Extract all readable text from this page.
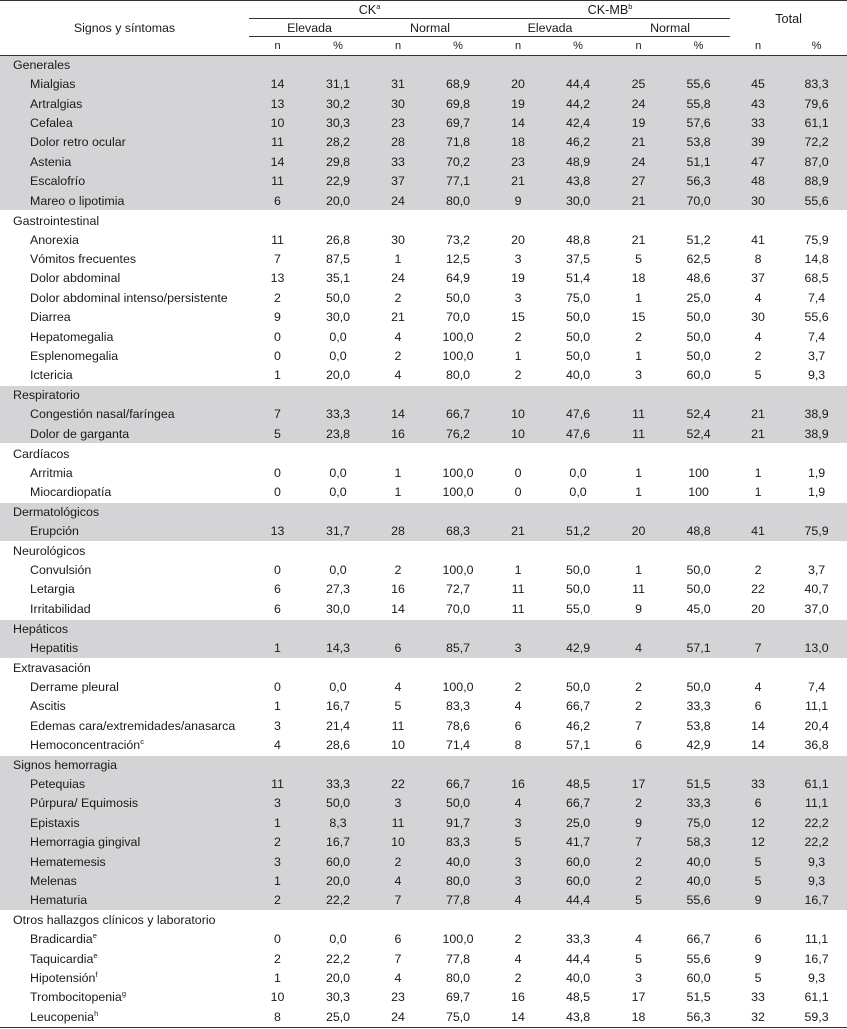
Signos y síntomas	$CK^a$				$CK-MB^b$				Total	
	Elevada		Normal		Elevada		Normal			
	n	%	n	%	n	%	n	%	n	%
Generales										
Mialgias	14	31,1	31	68,9	20	44,4	25	55,6	45	83,3
Artralgias	13	30,2	30	69,8	19	44,2	24	55,8	43	79,6
Cefalea	10	30,3	23	69,7	14	42,4	19	57,6	33	61,1
Dolor retro ocular	11	28,2	28	71,8	18	46,2	21	53,8	39	72,2
Astenia	14	29,8	33	70,2	23	48,9	24	51,1	47	87,0
Escalofrío	11	22,9	37	77,1	21	43,8	27	56,3	48	88,9
Mareo o lipotimia	6	20,0	24	80,0	9	30,0	21	70,0	30	55,6
Gastrointestinal										
Anorexia	11	26,8	30	73,2	20	48,8	21	51,2	41	75,9
Vómitos frecuentes	7	87,5	1	12,5	3	37,5	5	62,5	8	14,8
Dolor abdominal	13	35,1	24	64,9	19	51,4	18	48,6	37	68,5
Dolor abdominal intenso/persistente	2	50,0	2	50,0	3	75,0	1	25,0	4	7,4
Diarrea	9	30,0	21	70,0	15	50,0	15	50,0	30	55,6
Hepatomegalia	0	0,0	4	100,0	2	50,0	2	50,0	4	7,4
Esplenomegalia	0	0,0	2	100,0	1	50,0	1	50,0	2	3,7
Ictericia	1	20,0	4	80,0	2	40,0	3	60,0	5	9,3
Respiratorio										
Congestión nasal/faríngea	7	33,3	14	66,7	10	47,6	11	52,4	21	38,9
Dolor de garganta	5	23,8	16	76,2	10	47,6	11	52,4	21	38,9
Cardíacos										
Arritmia	0	0,0	1	100,0	0	0,0	1	100	1	1,9
Miocardiopatía	0	0,0	1	100,0	0	0,0	1	100	1	1,9
Dermatológicos										
Erupción	13	31,7	28	68,3	21	51,2	20	48,8	41	75,9
Neurológicos										
Convulsión	0	0,0	2	100,0	1	50,0	1	50,0	2	3,7
Letargia	6	27,3	16	72,7	11	50,0	11	50,0	22	40,7
Irritabilidad	6	30,0	14	70,0	11	55,0	9	45,0	20	37,0
Hepáticos										
Hepatitis	1	14,3	6	85,7	3	42,9	4	57,1	7	13,0
Extravasación										
Derrame pleural	0	0,0	4	100,0	2	50,0	2	50,0	4	7,4
Ascitis	1	16,7	5	83,3	4	66,7	2	33,3	6	11,1
Edemas cara/extremidades/anasarca	3	21,4	11	78,6	6	46,2	7	53,8	14	20,4
Hemoconcentración$^c$	4	28,6	10	71,4	8	57,1	6	42,9	14	36,8
Signos hemorragia										
Petequias	11	33,3	22	66,7	16	48,5	17	51,5	33	61,1
Púrpura/ Equimosis	3	50,0	3	50,0	4	66,7	2	33,3	6	11,1
Epistaxis	1	8,3	11	91,7	3	25,0	9	75,0	12	22,2
Hemorragia gingival	2	16,7	10	83,3	5	41,7	7	58,3	12	22,2
Hematemesis	3	60,0	2	40,0	3	60,0	2	40,0	5	9,3
Melenas	1	20,0	4	80,0	3	60,0	2	40,0	5	9,3
Hematuria	2	22,2	7	77,8	4	44,4	5	55,6	9	16,7
Otros hallazgos clínicos y laboratorio										
Bradicardia$^e$	0	0,0	6	100,0	2	33,3	4	66,7	6	11,1
Taquicardia$^e$	2	22,2	7	77,8	4	44,4	5	55,6	9	16,7
Hipotensión$^f$	1	20,0	4	80,0	2	40,0	3	60,0	5	9,3
Trombocitopenia$^g$	10	30,3	23	69,7	16	48,5	17	51,5	33	61,1
Leucopenia$^h$	8	25,0	24	75,0	14	43,8	18	56,3	32	59,3
